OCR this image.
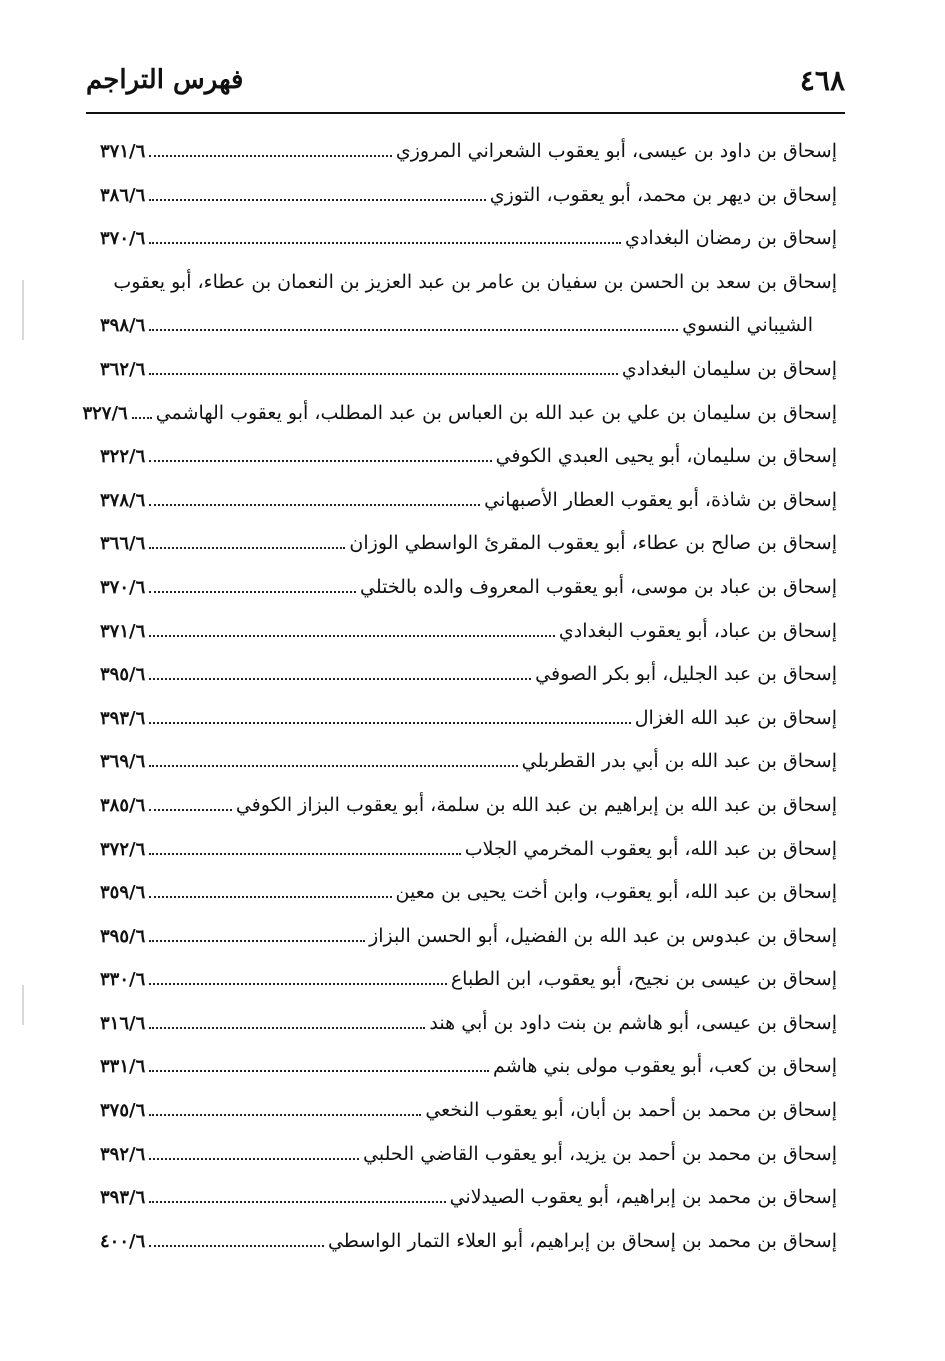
٤٦٨
فهرس التراجم
إسحاق بن داود بن عيسى، أبو يعقوب الشعراني المروزي
٣٧١/٦
إسحاق بن ديهر بن محمد، أبو يعقوب، التوزي
٣٨٦/٦
إسحاق بن رمضان البغدادي
٣٧٠/٦
إسحاق بن سعد بن الحسن بن سفيان بن عامر بن عبد العزيز بن النعمان بن عطاء، أبو يعقوب
الشيباني النسوي
٣٩٨/٦
إسحاق بن سليمان البغدادي
٣٦٢/٦
إسحاق بن سليمان بن علي بن عبد الله بن العباس بن عبد المطلب، أبو يعقوب الهاشمي
٣٢٧/٦
إسحاق بن سليمان، أبو يحيى العبدي الكوفي
٣٢٢/٦
إسحاق بن شاذة، أبو يعقوب العطار الأصبهاني
٣٧٨/٦
إسحاق بن صالح بن عطاء، أبو يعقوب المقرئ الواسطي الوزان
٣٦٦/٦
إسحاق بن عباد بن موسى، أبو يعقوب المعروف والده بالختلي
٣٧٠/٦
إسحاق بن عباد، أبو يعقوب البغدادي
٣٧١/٦
إسحاق بن عبد الجليل، أبو بكر الصوفي
٣٩٥/٦
إسحاق بن عبد الله الغزال
٣٩٣/٦
إسحاق بن عبد الله بن أبي بدر القطربلي
٣٦٩/٦
إسحاق بن عبد الله بن إبراهيم بن عبد الله بن سلمة، أبو يعقوب البزاز الكوفي
٣٨٥/٦
إسحاق بن عبد الله، أبو يعقوب المخرمي الجلاب
٣٧٢/٦
إسحاق بن عبد الله، أبو يعقوب، وابن أخت يحيى بن معين
٣٥٩/٦
إسحاق بن عبدوس بن عبد الله بن الفضيل، أبو الحسن البزاز
٣٩٥/٦
إسحاق بن عيسى بن نجيح، أبو يعقوب، ابن الطباع
٣٣٠/٦
إسحاق بن عيسى، أبو هاشم بن بنت داود بن أبي هند
٣١٦/٦
إسحاق بن كعب، أبو يعقوب مولى بني هاشم
٣٣١/٦
إسحاق بن محمد بن أحمد بن أبان، أبو يعقوب النخعي
٣٧٥/٦
إسحاق بن محمد بن أحمد بن يزيد، أبو يعقوب القاضي الحلبي
٣٩٢/٦
إسحاق بن محمد بن إبراهيم، أبو يعقوب الصيدلاني
٣٩٣/٦
إسحاق بن محمد بن إسحاق بن إبراهيم، أبو العلاء التمار الواسطي
٤٠٠/٦
